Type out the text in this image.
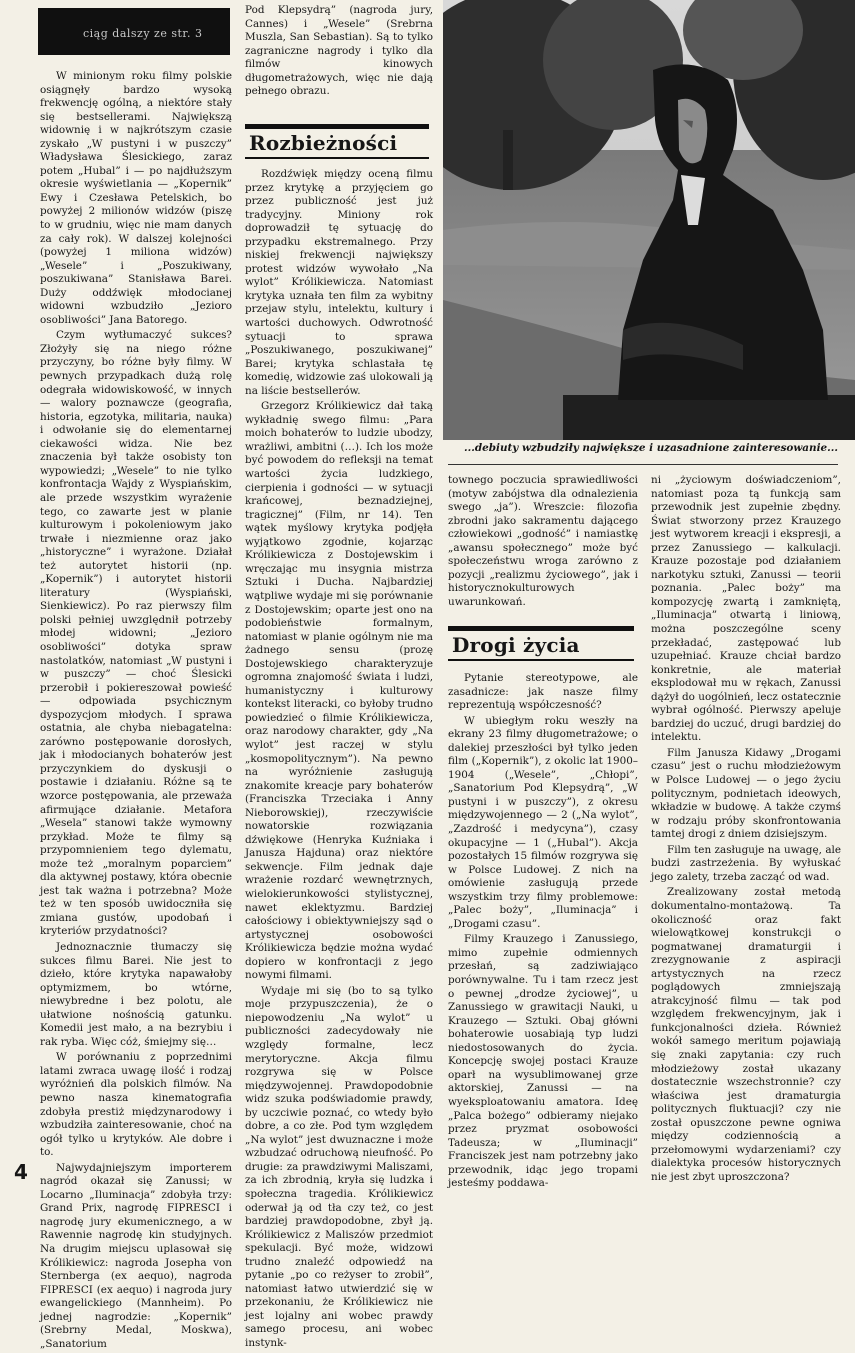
ciąg dalszy ze str. 3

W minionym roku filmy polskie osiągnęły bardzo wysoką frekwencję ogólną, a niektóre stały się bestsellerami. Największą widownię i w najkrótszym czasie zyskało „W pustyni i w puszczy” Władysława Ślesickiego, zaraz potem „Hubal” i — po najdłuższym okresie wyświetlania — „Kopernik” Ewy i Czesława Petelskich, bo powyżej 2 milionów widzów (piszę to w grudniu, więc nie mam danych za cały rok). W dalszej kolejności (powyżej 1 miliona widzów) „Wesele” i „Poszukiwany, poszukiwana” Stanisława Barei. Duży oddźwięk młodocianej widowni wzbudziło „Jezioro osobliwości” Jana Batorego.

Czym wytłumaczyć sukces? Złożyły się na niego różne przyczyny, bo różne były filmy. W pewnych przypadkach dużą rolę odegrała widowiskowość, w innych — walory poznawcze (geografia, historia, egzotyka, militaria, nauka) i odwołanie się do elementarnej ciekawości widza. Nie bez znaczenia był także osobisty ton wypowiedzi; „Wesele” to nie tylko konfrontacja Wajdy z Wyspiańskim, ale przede wszystkim wyrażenie tego, co zawarte jest w planie kulturowym i pokoleniowym jako trwałe i niezmienne oraz jako „historyczne” i wyrażone. Działał też autorytet historii (np. „Kopernik”) i autorytet historii literatury (Wyspiański, Sienkiewicz). Po raz pierwszy film polski pełniej uwzględnił potrzeby młodej widowni; „Jezioro osobliwości” dotyka spraw nastolatków, natomiast „W pustyni i w puszczy” — choć Ślesicki przerobił i pokiereszował powieść — odpowiada psychicznym dyspozycjom młodych. I sprawa ostatnia, ale chyba niebagatelna: zarówno postępowanie dorosłych, jak i młodocianych bohaterów jest przyczynkiem do dyskusji o postawie i działaniu. Różne są te wzorce postępowania, ale przeważa afirmujące działanie. Metafora „Wesela” stanowi także wymowny przykład. Może te filmy są przypomnieniem tego dylematu, może też „moralnym poparciem” dla aktywnej postawy, która obecnie jest tak ważna i potrzebna? Może też w ten sposób uwidoczniła się zmiana gustów, upodobań i kryteriów przydatności?

Jednoznacznie tłumaczy się sukces filmu Barei. Nie jest to dzieło, które krytyka napawałoby optymizmem, bo wtórne, niewybredne i bez polotu, ale ułatwione nośnością gatunku. Komedii jest mało, a na bezrybiu i rak ryba. Więc cóż, śmiejmy się…

W porównaniu z poprzednimi latami zwraca uwagę ilość i rodzaj wyróżnień dla polskich filmów. Na pewno nasza kinematografia zdobyła prestiż międzynarodowy i wzbudziła zainteresowanie, choć na ogół tylko u krytyków. Ale dobre i to.

Najwydajniejszym importerem nagród okazał się Zanussi; w Locarno „Iluminacja” zdobyła trzy: Grand Prix, nagrodę FIPRESCI i nagrodę jury ekumenicznego, a w Rawennie nagrodę kin studyjnych. Na drugim miejscu uplasował się Królikiewicz: nagroda Josepha von Sternberga (ex aequo), nagroda FIPRESCI (ex aequo) i nagroda jury ewangelickiego (Mannheim). Po jednej nagrodzie: „Kopernik” (Srebrny Medal, Moskwa), „Sanatorium

Pod Klepsydrą” (nagroda jury, Cannes) i „Wesele” (Srebrna Muszla, San Sebastian). Są to tylko zagraniczne nagrody i tylko dla filmów kinowych długometrażowych, więc nie dają pełnego obrazu.

Rozbieżności

Rozdźwięk między oceną filmu przez krytykę a przyjęciem go przez publiczność jest już tradycyjny. Miniony rok doprowadził tę sytuację do przypadku ekstremalnego. Przy niskiej frekwencji największy protest widzów wywołało „Na wylot” Królikiewicza. Natomiast krytyka uznała ten film za wybitny przejaw stylu, intelektu, kultury i wartości duchowych. Odwrotność sytuacji to sprawa „Poszukiwanego, poszukiwanej” Barei; krytyka schlastała tę komedię, widzowie zaś ulokowali ją na liście bestsellerów.

Grzegorz Królikiewicz dał taką wykładnię swego filmu: „Para moich bohaterów to ludzie ubodzy, wrażliwi, ambitni (…). Ich los może być powodem do refleksji na temat wartości życia ludzkiego, cierpienia i godności — w sytuacji krańcowej, beznadziejnej, tragicznej” (Film, nr 14). Ten wątek myślowy krytyka podjęła wyjątkowo zgodnie, kojarząc Królikiewicza z Dostojewskim i wręczając mu insygnia mistrza Sztuki i Ducha. Najbardziej wątpliwe wydaje mi się porównanie z Dostojewskim; oparte jest ono na podobieństwie formalnym, natomiast w planie ogólnym nie ma żadnego sensu (prozę Dostojewskiego charakteryzuje ogromna znajomość świata i ludzi, humanistyczny i kulturowy kontekst literacki, co byłoby trudno powiedzieć o filmie Królikiewicza, oraz narodowy charakter, gdy „Na wylot” jest raczej w stylu „kosmopolitycznym”). Na pewno na wyróżnienie zasługują znakomite kreacje pary bohaterów (Franciszka Trzeciaka i Anny Nieborowskiej), rzeczywiście nowatorskie rozwiązania dźwiękowe (Henryka Kuźniaka i Janusza Hajduna) oraz niektóre sekwencje. Film jednak daje wrażenie rozdarć wewnętrznych, wielokierunkowości stylistycznej, nawet eklektyzmu. Bardziej całościowy i obiektywniejszy sąd o artystycznej osobowości Królikiewicza będzie można wydać dopiero w konfrontacji z jego nowymi filmami.

Wydaje mi się (bo to są tylko moje przypuszczenia), że o niepowodzeniu „Na wylot” u publiczności zadecydowały nie względy formalne, lecz merytoryczne. Akcja filmu rozgrywa się w Polsce międzywojennej. Prawdopodobnie widz szuka podświadomie prawdy, by uczciwie poznać, co wtedy było dobre, a co złe. Pod tym względem „Na wylot” jest dwuznaczne i może wzbudzać odruchową nieufność. Po drugie: za prawdziwymi Maliszami, za ich zbrodnią, kryła się ludzka i społeczna tragedia. Królikiewicz oderwał ją od tła czy też, co jest bardziej prawdopodobne, zbył ją. Królikiewicz z Maliszów przedmiot spekulacji. Być może, widzowi trudno znaleźć odpowiedź na pytanie „po co reżyser to zrobił”, natomiast łatwo utwierdzić się w przekonaniu, że Królikiewicz nie jest lojalny ani wobec prawdy samego procesu, ani wobec instynk-

...debiuty wzbudziły największe i uzasadnione zainteresowanie...

townego poczucia sprawiedliwości (motyw zabójstwa dla odnalezienia swego „ja”). Wreszcie: filozofia zbrodni jako sakramentu dającego człowiekowi „godność” i namiastkę „awansu społecznego” może być społeczeństwu wroga zarówno z pozycji „realizmu życiowego”, jak i historycznokulturowych uwarunkowań.

Drogi życia

Pytanie stereotypowe, ale zasadnicze: jak nasze filmy reprezentują współczesność?

W ubiegłym roku weszły na ekrany 23 filmy długometrażowe; o dalekiej przeszłości był tylko jeden film („Kopernik”), z okolic lat 1900–1904 („Wesele”, „Chłopi”, „Sanatorium Pod Klepsydrą”, „W pustyni i w puszczy”), z okresu międzywojennego — 2 („Na wylot”, „Zazdrość i medycyna”), czasy okupacyjne — 1 („Hubal”). Akcja pozostałych 15 filmów rozgrywa się w Polsce Ludowej. Z nich na omówienie zasługują przede wszystkim trzy filmy problemowe: „Palec boży”, „Iluminacja” i „Drogami czasu”.

Filmy Krauzego i Zanussiego, mimo zupełnie odmiennych przesłań, są zadziwiająco porównywalne. Tu i tam rzecz jest o pewnej „drodze życiowej”, u Zanussiego w grawitacji Nauki, u Krauzego — Sztuki. Obaj główni bohaterowie uosabiają typ ludzi niedostosowanych do życia. Koncepcję swojej postaci Krauze oparł na wysublimowanej grze aktorskiej, Zanussi — na wyeksploatowaniu amatora. Ideę „Palca bożego” odbieramy niejako przez pryzmat osobowości Tadeusza; w „Iluminacji” Franciszek jest nam potrzebny jako przewodnik, idąc jego tropami jesteśmy poddawa-

ni „życiowym doświadczeniom”, natomiast poza tą funkcją sam przewodnik jest zupełnie zbędny. Świat stworzony przez Krauzego jest wytworem kreacji i ekspresji, a przez Zanussiego — kalkulacji. Krauze pozostaje pod działaniem narkotyku sztuki, Zanussi — teorii poznania. „Palec boży” ma kompozycję zwartą i zamkniętą, „Iluminacja” otwartą i liniową, można poszczególne sceny przekładać, zastępować lub uzupełniać. Krauze chciał bardzo konkretnie, ale materiał eksplodował mu w rękach, Zanussi dążył do uogólnień, lecz ostatecznie wybrał ogólność. Pierwszy apeluje bardziej do uczuć, drugi bardziej do intelektu.

Film Janusza Kidawy „Drogami czasu” jest o ruchu młodzieżowym w Polsce Ludowej — o jego życiu politycznym, podnietach ideowych, wkładzie w budowę. A także czymś w rodzaju próby skonfrontowania tamtej drogi z dniem dzisiejszym.

Film ten zasługuje na uwagę, ale budzi zastrzeżenia. By wyłuskać jego zalety, trzeba zacząć od wad.

Zrealizowany został metodą dokumentalno-montażową. Ta okoliczność oraz fakt wielowątkowej konstrukcji o pogmatwanej dramaturgii i zrezygnowanie z aspiracji artystycznych na rzecz poglądowych zmniejszają atrakcyjność filmu — tak pod względem frekwencyjnym, jak i funkcjonalności dzieła. Również wokół samego meritum pojawiają się znaki zapytania: czy ruch młodzieżowy został ukazany dostatecznie wszechstronnie? czy właściwa jest dramaturgia politycznych fluktuacji? czy nie został opuszczone pewne ogniwa między codziennością a przełomowymi wydarzeniami? czy dialektyka procesów historycznych nie jest zbyt uproszczona?

4
